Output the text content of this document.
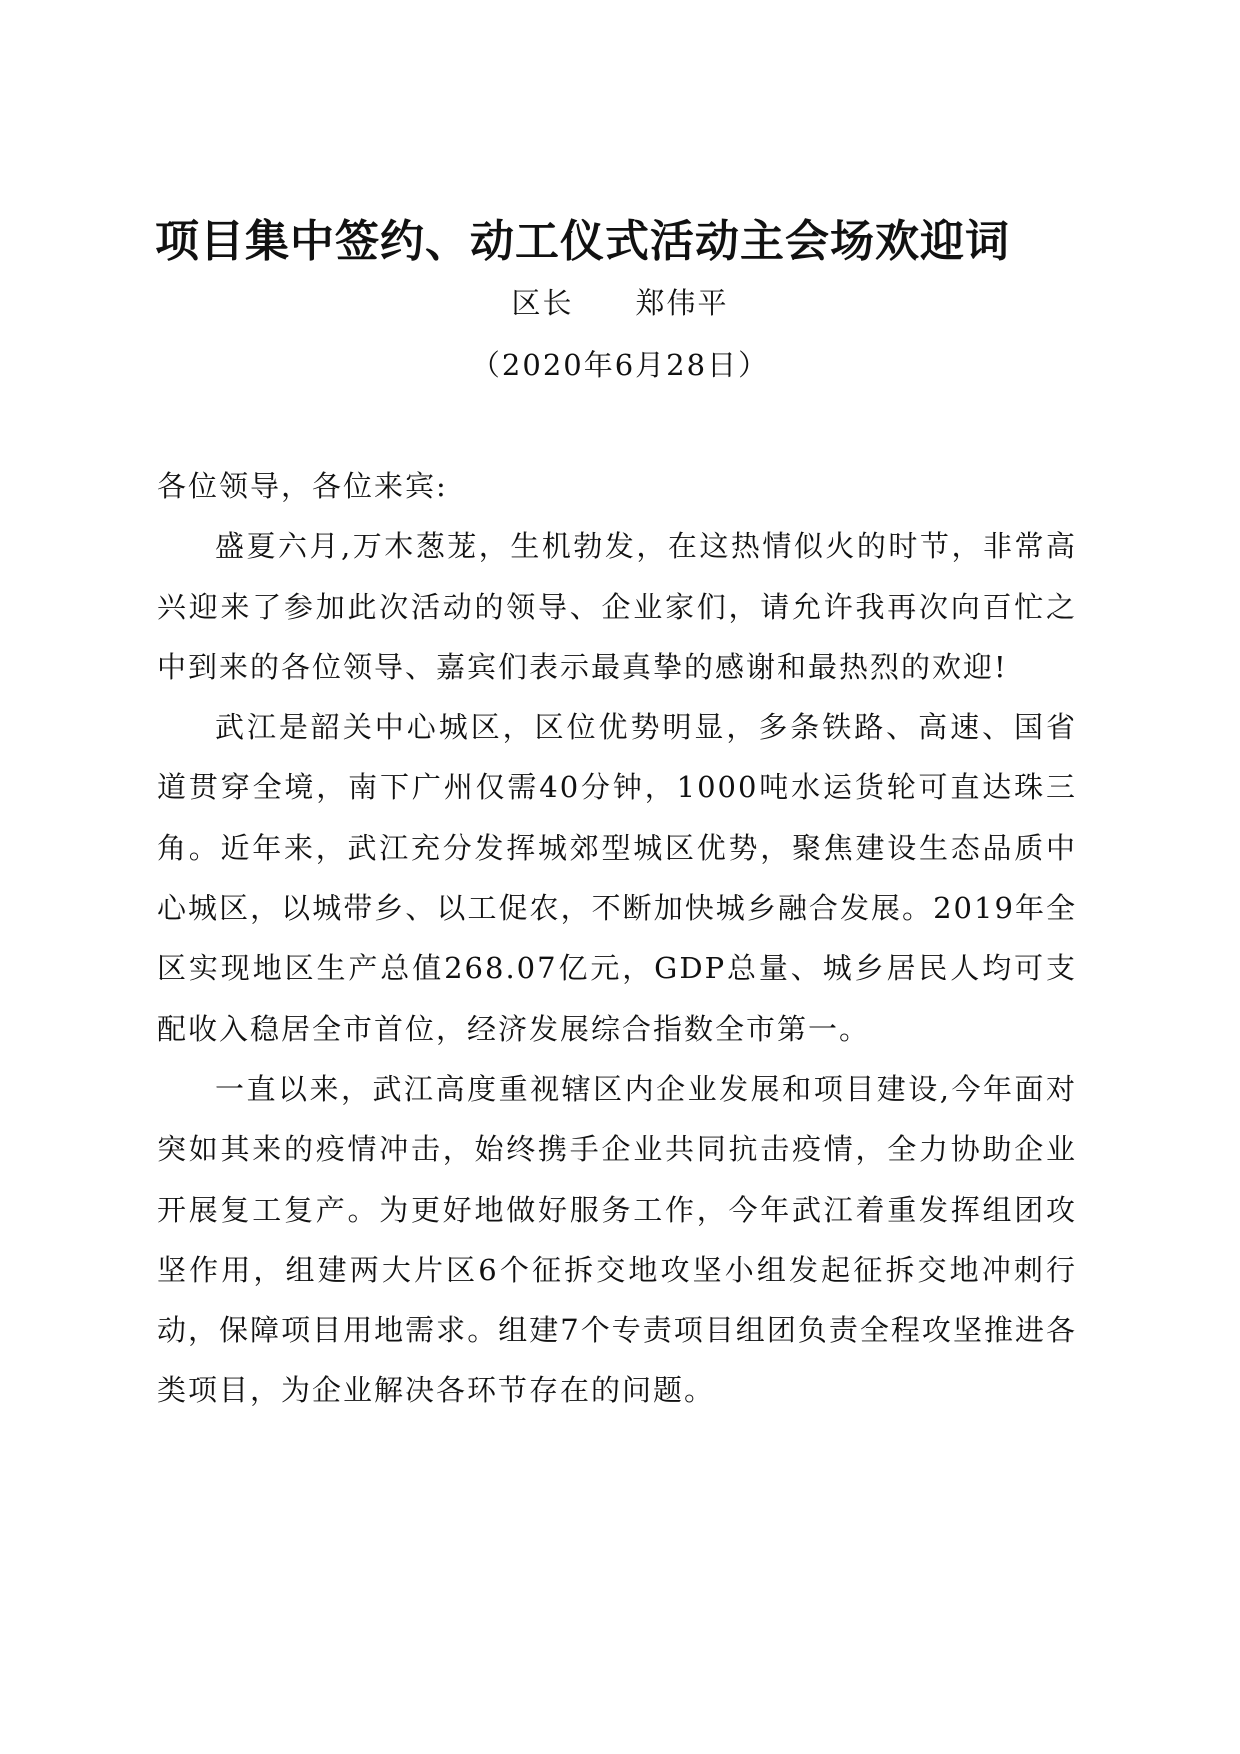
项目集中签约、动工仪式活动主会场欢迎词
区长　　郑伟平
（2020年6月28日）

各位领导，各位来宾:

盛夏六月,万木葱茏，生机勃发，在这热情似火的时节，非常高兴迎来了参加此次活动的领导、企业家们，请允许我再次向百忙之中到来的各位领导、嘉宾们表示最真挚的感谢和最热烈的欢迎!

武江是韶关中心城区，区位优势明显，多条铁路、高速、国省道贯穿全境，南下广州仅需40分钟，1000吨水运货轮可直达珠三角。近年来，武江充分发挥城郊型城区优势，聚焦建设生态品质中心城区，以城带乡、以工促农，不断加快城乡融合发展。2019年全区实现地区生产总值268.07亿元，GDP总量、城乡居民人均可支配收入稳居全市首位，经济发展综合指数全市第一。

一直以来，武江高度重视辖区内企业发展和项目建设,今年面对突如其来的疫情冲击，始终携手企业共同抗击疫情，全力协助企业开展复工复产。为更好地做好服务工作，今年武江着重发挥组团攻坚作用，组建两大片区6个征拆交地攻坚小组发起征拆交地冲刺行动，保障项目用地需求。组建7个专责项目组团负责全程攻坚推进各类项目，为企业解决各环节存在的问题。
